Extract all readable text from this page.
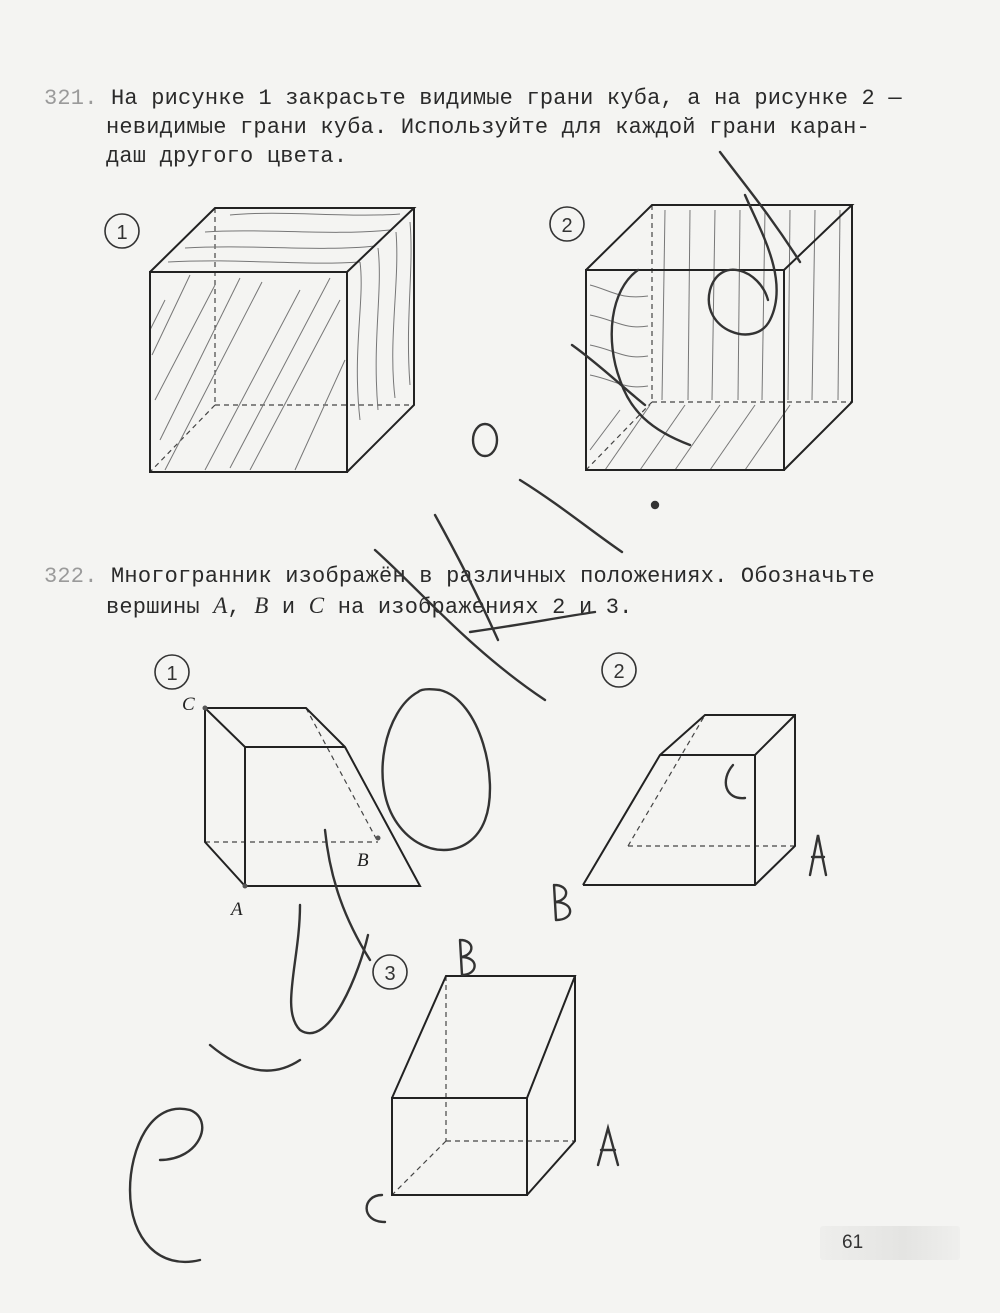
321. На рисунке 1 закрасьте видимые грани куба, а на рисунке 2 —
невидимые грани куба. Используйте для каждой грани каран-
даш другого цвета.
322. Многогранник изображён в различных положениях. Обозначьте
вершины A, B и C на изображениях 2 и 3.
1	2
1
C
B
A
2
3
C
A
B
B
A
C
61
